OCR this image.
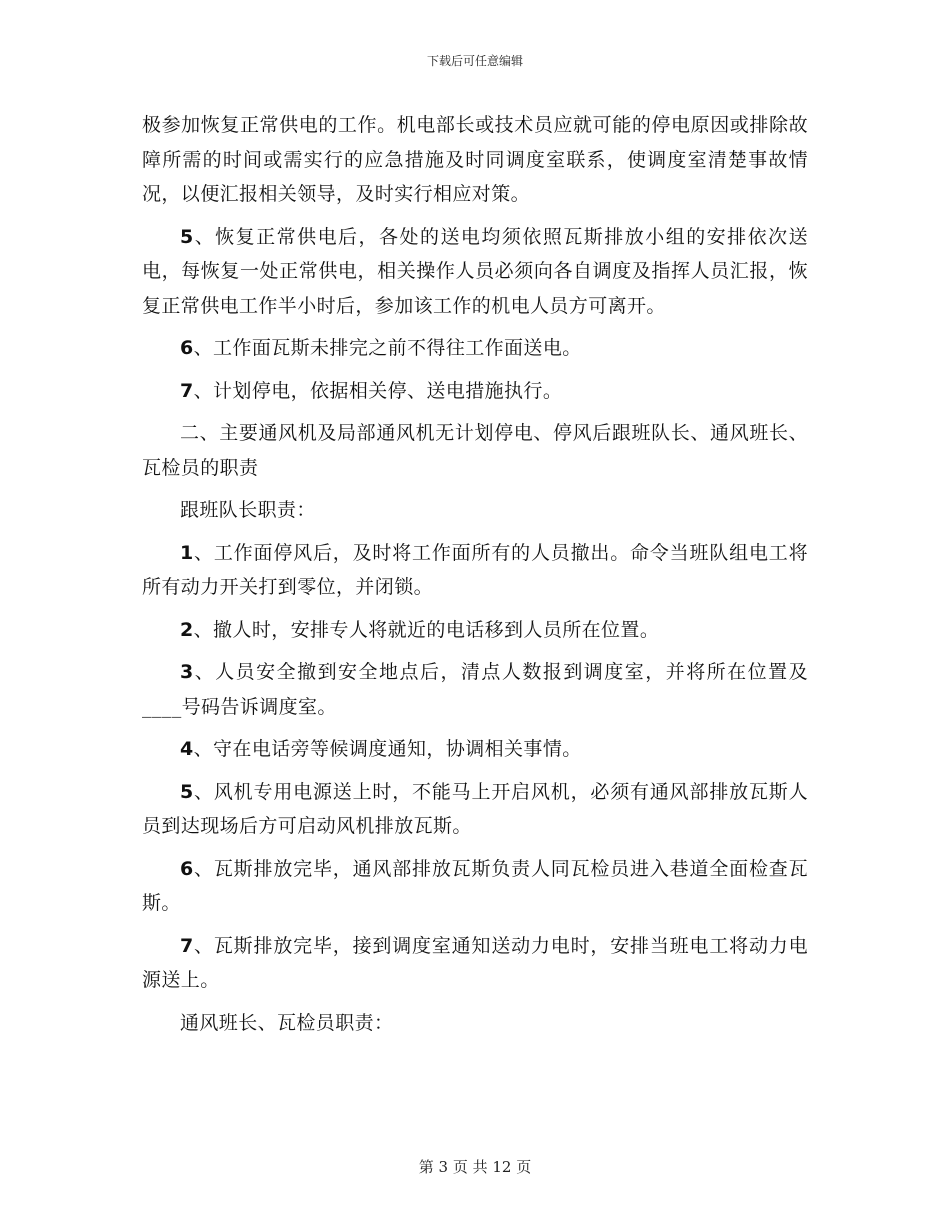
下载后可任意编辑

极参加恢复正常供电的工作。机电部长或技术员应就可能的停电原因或排除故障所需的时间或需实行的应急措施及时同调度室联系，使调度室清楚事故情况，以便汇报相关领导，及时实行相应对策。

5、恢复正常供电后，各处的送电均须依照瓦斯排放小组的安排依次送电，每恢复一处正常供电，相关操作人员必须向各自调度及指挥人员汇报，恢复正常供电工作半小时后，参加该工作的机电人员方可离开。

6、工作面瓦斯未排完之前不得往工作面送电。

7、计划停电，依据相关停、送电措施执行。

二、主要通风机及局部通风机无计划停电、停风后跟班队长、通风班长、瓦检员的职责

跟班队长职责：

1、工作面停风后，及时将工作面所有的人员撤出。命令当班队组电工将所有动力开关打到零位，并闭锁。

2、撤人时，安排专人将就近的电话移到人员所在位置。

3、人员安全撤到安全地点后，清点人数报到调度室，并将所在位置及____号码告诉调度室。

4、守在电话旁等候调度通知，协调相关事情。

5、风机专用电源送上时，不能马上开启风机，必须有通风部排放瓦斯人员到达现场后方可启动风机排放瓦斯。

6、瓦斯排放完毕，通风部排放瓦斯负责人同瓦检员进入巷道全面检查瓦斯。

7、瓦斯排放完毕，接到调度室通知送动力电时，安排当班电工将动力电源送上。

通风班长、瓦检员职责：

第 3 页 共 12 页
